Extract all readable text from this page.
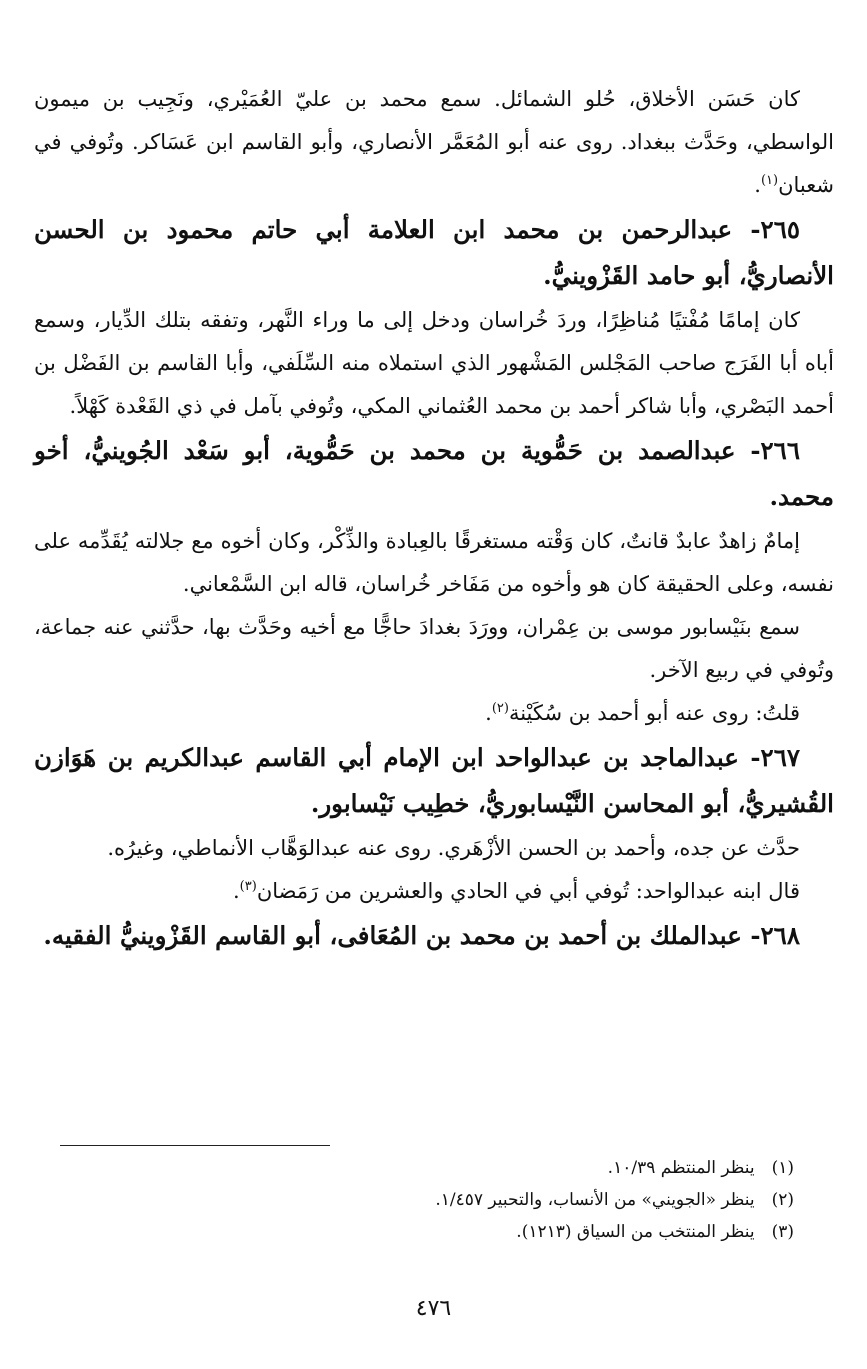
كان حَسَن الأخلاق، حُلو الشمائل. سمع محمد بن عليّ العُمَيْري، ونَجِيب بن ميمون الواسطي، وحَدَّث ببغداد. روى عنه أبو المُعَمَّر الأنصاري، وأبو القاسم ابن عَسَاكر. وتُوفي في شعبان$^{(١)}$.

٢٦٥- عبدالرحمن بن محمد ابن العلامة أبي حاتم محمود بن الحسن الأنصاريُّ، أبو حامد القَزْوينيُّ.

كان إمامًا مُفْتيًا مُناظِرًا، وردَ خُراسان ودخل إلى ما وراء النَّهر، وتفقه بتلك الدِّيار، وسمع أباه أبا الفَرَج صاحب المَجْلس المَشْهور الذي استملاه منه السِّلَفي، وأبا القاسم بن الفَضْل بن أحمد البَصْري، وأبا شاكر أحمد بن محمد العُثماني المكي، وتُوفي بآمل في ذي القَعْدة كَهْلاً.

٢٦٦- عبدالصمد بن حَمُّوية بن محمد بن حَمُّوية، أبو سَعْد الجُوينيُّ، أخو محمد.

إمامٌ زاهدٌ عابدٌ قانتٌ، كان وَقْته مستغرقًا بالعِبادة والذِّكْر، وكان أخوه مع جلالته يُقَدِّمه على نفسه، وعلى الحقيقة كان هو وأخوه من مَفَاخر خُراسان، قاله ابن السَّمْعاني.

سمع بنَيْسابور موسى بن عِمْران، وورَدَ بغدادَ حاجًّا مع أخيه وحَدَّث بها، حدَّثني عنه جماعة، وتُوفي في ربيع الآخر.

قلتُ: روى عنه أبو أحمد بن سُكَيْنة$^{(٢)}$.

٢٦٧- عبدالماجد بن عبدالواحد ابن الإمام أبي القاسم عبدالكريم بن هَوَازن القُشيريُّ، أبو المحاسن النَّيْسابوريُّ، خطِيب نَيْسابور.

حدَّث عن جده، وأحمد بن الحسن الأزْهَري. روى عنه عبدالوَهَّاب الأنماطي، وغيرُه.

قال ابنه عبدالواحد: تُوفي أبي في الحادي والعشرين من رَمَضان$^{(٣)}$.

٢٦٨- عبدالملك بن أحمد بن محمد بن المُعَافى، أبو القاسم القَزْوينيُّ الفقيه.

(١) ينظر المنتظم ١٠/٣٩.
(٢) ينظر «الجويني» من الأنساب، والتحبير ١/٤٥٧.
(٣) ينظر المنتخب من السياق (١٢١٣).
٤٧٦
